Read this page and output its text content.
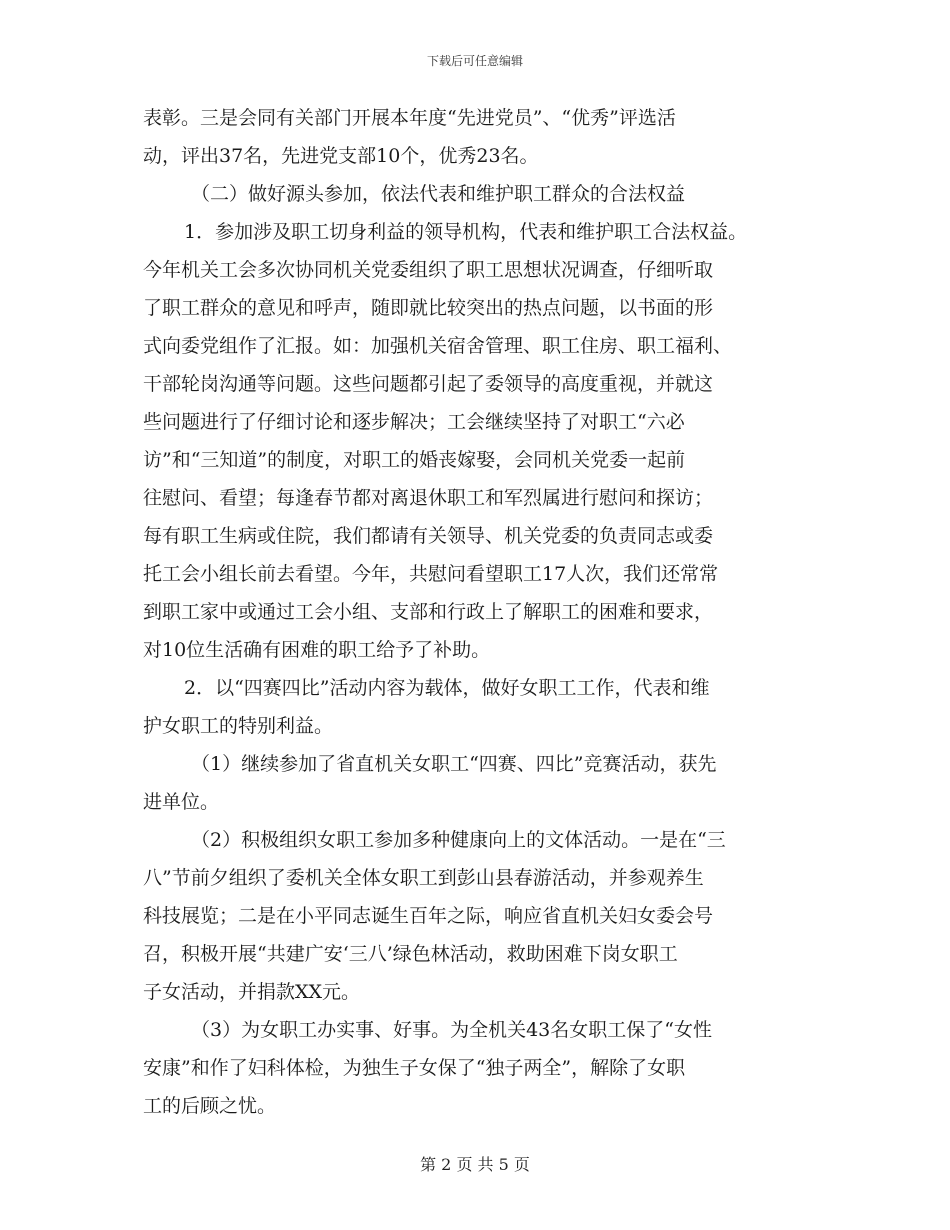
下载后可任意编辑
表彰。三是会同有关部门开展本年度“先进党员”、“优秀”评选活
动，评出37名，先进党支部10个，优秀23名。
（二）做好源头参加，依法代表和维护职工群众的合法权益
1．参加涉及职工切身利益的领导机构，代表和维护职工合法权益。
今年机关工会多次协同机关党委组织了职工思想状况调查，仔细听取
了职工群众的意见和呼声，随即就比较突出的热点问题，以书面的形
式向委党组作了汇报。如：加强机关宿舍管理、职工住房、职工福利、
干部轮岗沟通等问题。这些问题都引起了委领导的高度重视，并就这
些问题进行了仔细讨论和逐步解决；工会继续坚持了对职工“六必
访”和“三知道”的制度，对职工的婚丧嫁娶，会同机关党委一起前
往慰问、看望；每逢春节都对离退休职工和军烈属进行慰问和探访；
每有职工生病或住院，我们都请有关领导、机关党委的负责同志或委
托工会小组长前去看望。今年，共慰问看望职工17人次，我们还常常
到职工家中或通过工会小组、支部和行政上了解职工的困难和要求，
对10位生活确有困难的职工给予了补助。
2．以“四赛四比”活动内容为载体，做好女职工工作，代表和维
护女职工的特别利益。
（1）继续参加了省直机关女职工“四赛、四比”竞赛活动，获先
进单位。
（2）积极组织女职工参加多种健康向上的文体活动。一是在“三
八”节前夕组织了委机关全体女职工到彭山县春游活动，并参观养生
科技展览；二是在小平同志诞生百年之际，响应省直机关妇女委会号
召，积极开展“共建广安‘三八’绿色林活动，救助困难下岗女职工
子女活动，并捐款XX元。
（3）为女职工办实事、好事。为全机关43名女职工保了“女性
安康”和作了妇科体检，为独生子女保了“独子两全”，解除了女职
工的后顾之忧。
第 2 页 共 5 页
